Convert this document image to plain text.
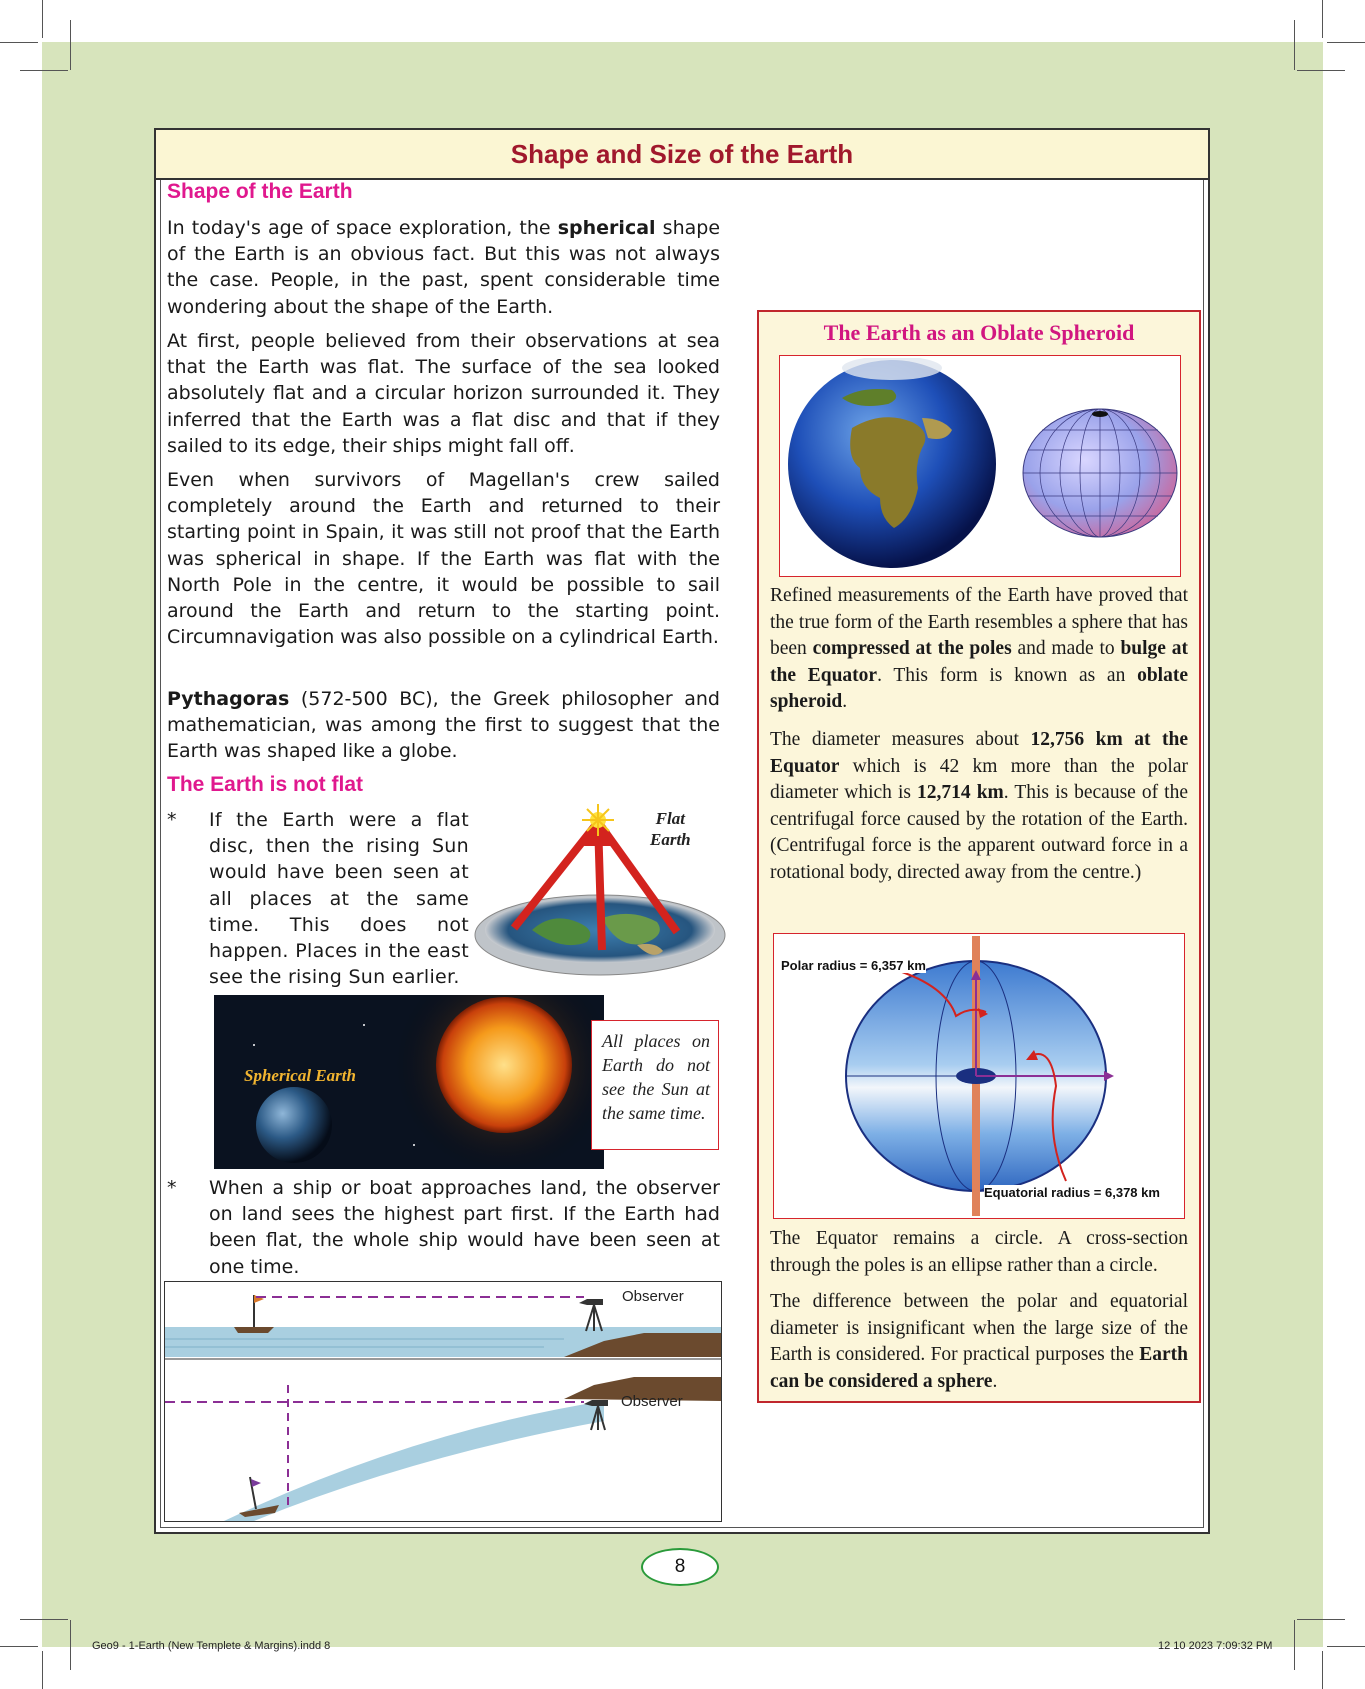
Shape and Size of the Earth
Shape of the Earth
In today's age of space exploration, the spherical shape of the Earth is an obvious fact. But this was not always the case. People, in the past, spent considerable time wondering about the shape of the Earth.
At first, people believed from their observations at sea that the Earth was flat. The surface of the sea looked absolutely flat and a circular horizon surrounded it. They inferred that the Earth was a flat disc and that if they sailed to its edge, their ships might fall off.
Even when survivors of Magellan's crew sailed completely around the Earth and returned to their starting point in Spain, it was still not proof that the Earth was spherical in shape. If the Earth was flat with the North Pole in the centre, it would be possible to sail around the Earth and return to the starting point. Circumnavigation was also possible on a cylindrical Earth.
Pythagoras (572-500 BC), the Greek philosopher and mathematician, was among the first to suggest that the Earth was shaped like a globe.
The Earth is not flat
* If the Earth were a flat disc, then the rising Sun would have been seen at all places at the same time. This does not happen. Places in the east see the rising Sun earlier.
Flat
Earth
Spherical Earth
All places on Earth do not see the Sun at the same time.
* When a ship or boat approaches land, the observer on land sees the highest part first. If the Earth had been flat, the whole ship would have been seen at one time.
Observer
Observer
The Earth as an Oblate Spheroid
Refined measurements of the Earth have proved that the true form of the Earth resembles a sphere that has been compressed at the poles and made to bulge at the Equator. This form is known as an oblate spheroid.
The diameter measures about 12,756 km at the Equator which is 42 km more than the polar diameter which is 12,714 km. This is because of the centrifugal force caused by the rotation of the Earth. (Centrifugal force is the apparent outward force in a rotational body, directed away from the centre.)
Polar radius = 6,357 km
Equatorial radius = 6,378 km
The Equator remains a circle. A cross-section through the poles is an ellipse rather than a circle.
The difference between the polar and equatorial diameter is insignificant when the large size of the Earth is considered. For practical purposes the Earth can be considered a sphere.
8
Geo9 - 1-Earth (New Templete & Margins).indd 8	12 10 2023 7:09:32 PM
